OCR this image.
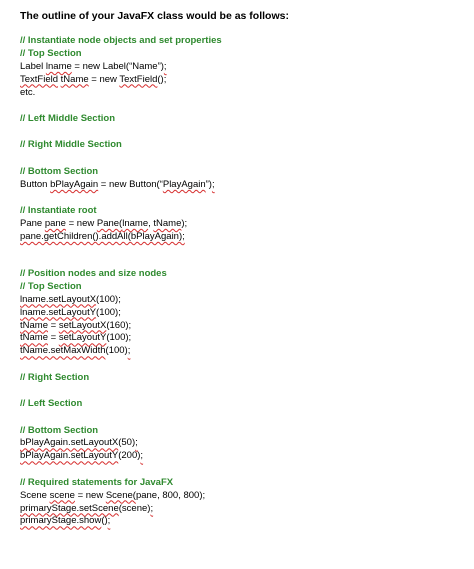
The outline of your JavaFX class would be as follows:
// Instantiate node objects and set properties
// Top Section
Label lname = new Label(“Name”);
TextField tName = new TextField();
etc.
// Left Middle Section
// Right Middle Section
// Bottom Section
Button bPlayAgain = new Button(“PlayAgain”);
// Instantiate root
Pane pane = new Pane(lname, tName);
pane.getChildren().addAll(bPlayAgain);
// Position nodes and size nodes
// Top Section
lname.setLayoutX(100);
lname.setLayoutY(100);
tName = setLayoutX(160);
tName = setLayoutY(100);
tName.setMaxWidth(100);
// Right Section
// Left Section
// Bottom Section
bPlayAgain.setLayoutX(50);
bPlayAgain.setLayoutY(200);
// Required statements for JavaFX
Scene scene = new Scene(pane, 800, 800);
primaryStage.setScene(scene);
primaryStage.show();
